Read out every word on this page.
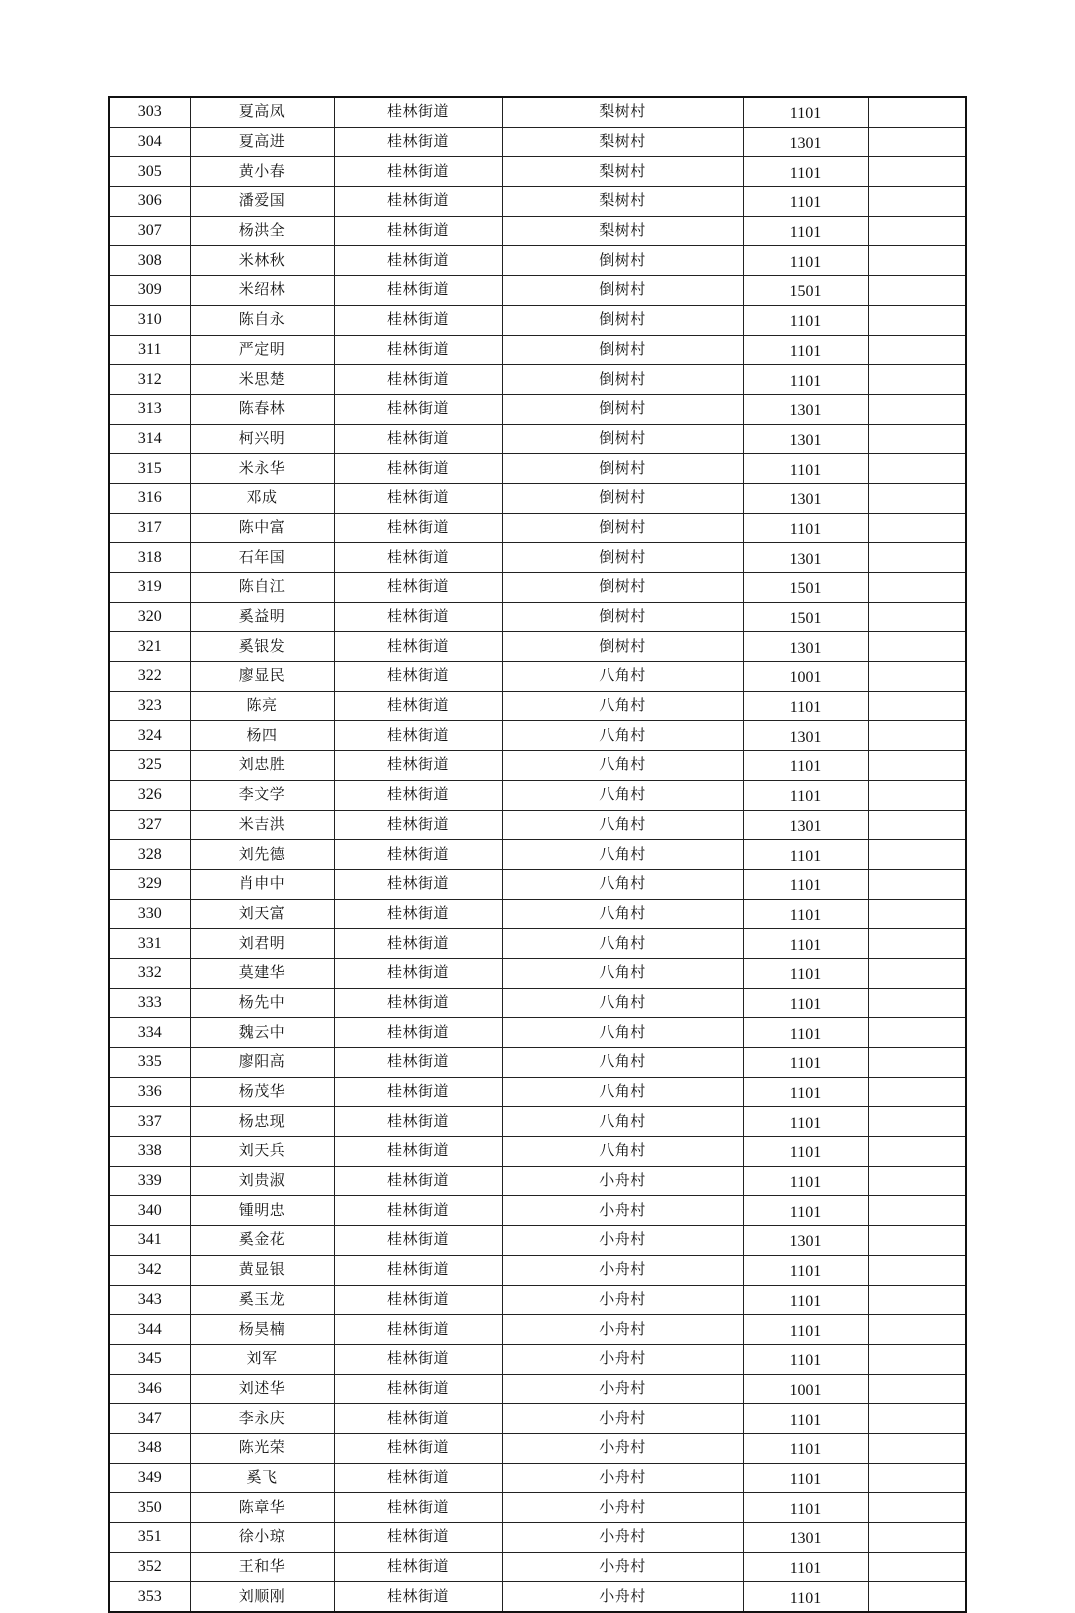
303	夏高凤	桂林街道	梨树村	1101	
304	夏高进	桂林街道	梨树村	1301	
305	黄小春	桂林街道	梨树村	1101	
306	潘爱国	桂林街道	梨树村	1101	
307	杨洪全	桂林街道	梨树村	1101	
308	米林秋	桂林街道	倒树村	1101	
309	米绍林	桂林街道	倒树村	1501	
310	陈自永	桂林街道	倒树村	1101	
311	严定明	桂林街道	倒树村	1101	
312	米思楚	桂林街道	倒树村	1101	
313	陈春林	桂林街道	倒树村	1301	
314	柯兴明	桂林街道	倒树村	1301	
315	米永华	桂林街道	倒树村	1101	
316	邓成	桂林街道	倒树村	1301	
317	陈中富	桂林街道	倒树村	1101	
318	石年国	桂林街道	倒树村	1301	
319	陈自江	桂林街道	倒树村	1501	
320	奚益明	桂林街道	倒树村	1501	
321	奚银发	桂林街道	倒树村	1301	
322	廖显民	桂林街道	八角村	1001	
323	陈亮	桂林街道	八角村	1101	
324	杨四	桂林街道	八角村	1301	
325	刘忠胜	桂林街道	八角村	1101	
326	李文学	桂林街道	八角村	1101	
327	米吉洪	桂林街道	八角村	1301	
328	刘先德	桂林街道	八角村	1101	
329	肖申中	桂林街道	八角村	1101	
330	刘天富	桂林街道	八角村	1101	
331	刘君明	桂林街道	八角村	1101	
332	莫建华	桂林街道	八角村	1101	
333	杨先中	桂林街道	八角村	1101	
334	魏云中	桂林街道	八角村	1101	
335	廖阳高	桂林街道	八角村	1101	
336	杨茂华	桂林街道	八角村	1101	
337	杨忠现	桂林街道	八角村	1101	
338	刘天兵	桂林街道	八角村	1101	
339	刘贵淑	桂林街道	小舟村	1101	
340	锺明忠	桂林街道	小舟村	1101	
341	奚金花	桂林街道	小舟村	1301	
342	黄显银	桂林街道	小舟村	1101	
343	奚玉龙	桂林街道	小舟村	1101	
344	杨昊楠	桂林街道	小舟村	1101	
345	刘军	桂林街道	小舟村	1101	
346	刘述华	桂林街道	小舟村	1001	
347	李永庆	桂林街道	小舟村	1101	
348	陈光荣	桂林街道	小舟村	1101	
349	奚飞	桂林街道	小舟村	1101	
350	陈章华	桂林街道	小舟村	1101	
351	徐小琼	桂林街道	小舟村	1301	
352	王和华	桂林街道	小舟村	1101	
353	刘顺刚	桂林街道	小舟村	1101	
